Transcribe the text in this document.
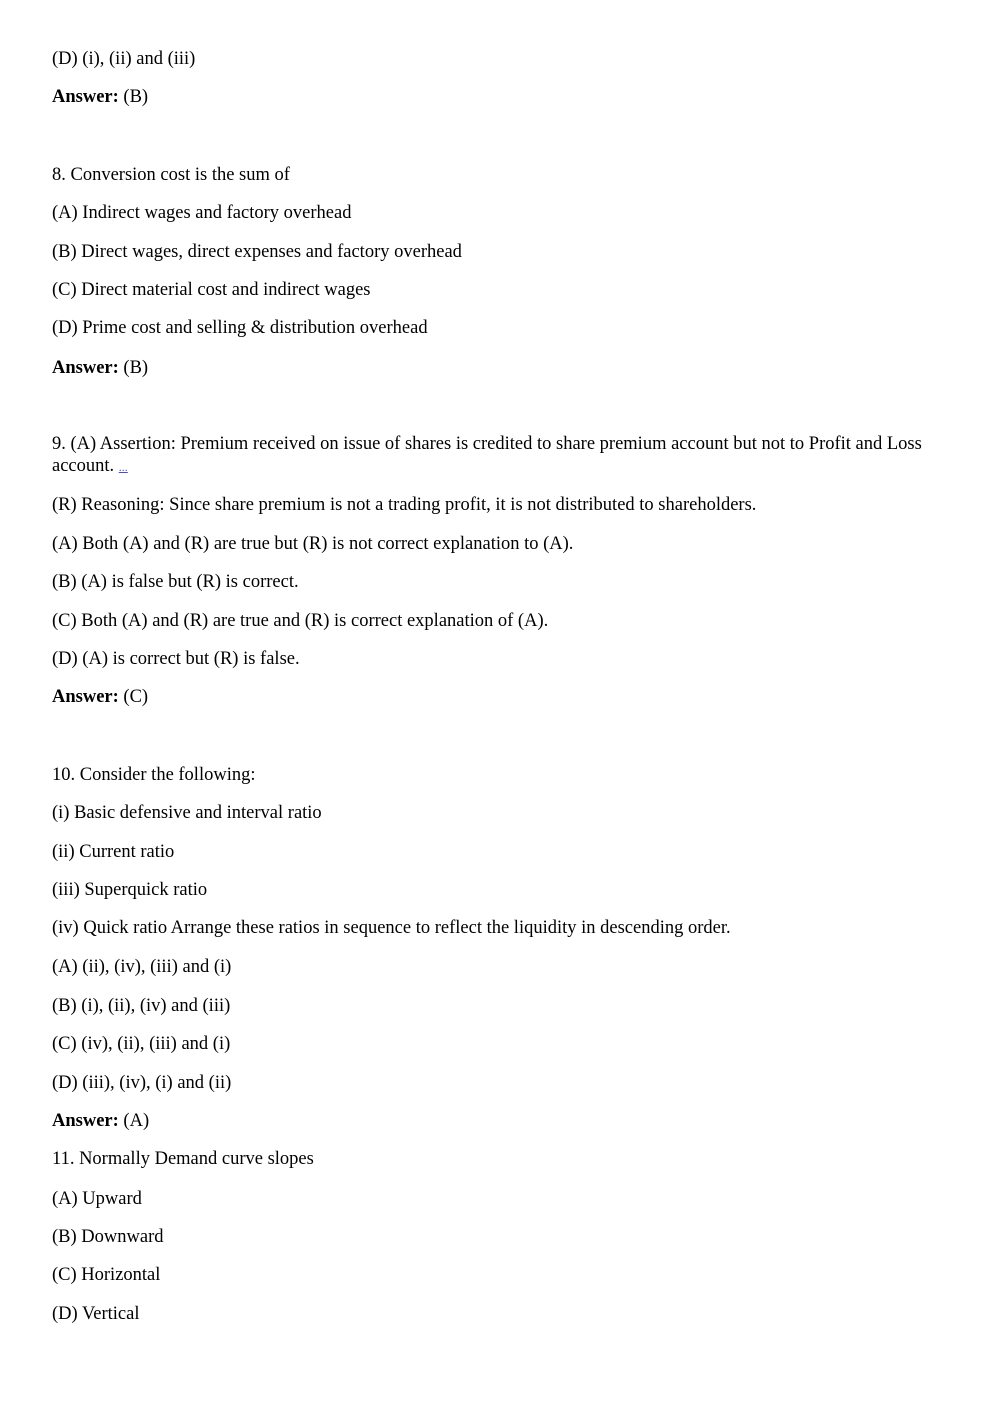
(D) (i), (ii) and (iii)
Answer: (B)
8. Conversion cost is the sum of
(A) Indirect wages and factory overhead
(B) Direct wages, direct expenses and factory overhead
(C) Direct material cost and indirect wages
(D) Prime cost and selling & distribution overhead
Answer: (B)
9. (A) Assertion: Premium received on issue of shares is credited to share premium account but not to Profit and Loss account. ...
(R) Reasoning: Since share premium is not a trading profit, it is not distributed to shareholders.
(A) Both (A) and (R) are true but (R) is not correct explanation to (A).
(B) (A) is false but (R) is correct.
(C) Both (A) and (R) are true and (R) is correct explanation of (A).
(D) (A) is correct but (R) is false.
Answer: (C)
10. Consider the following:
(i) Basic defensive and interval ratio
(ii) Current ratio
(iii) Superquick ratio
(iv) Quick ratio Arrange these ratios in sequence to reflect the liquidity in descending order.
(A) (ii), (iv), (iii) and (i)
(B) (i), (ii), (iv) and (iii)
(C) (iv), (ii), (iii) and (i)
(D) (iii), (iv), (i) and (ii)
Answer: (A)
11. Normally Demand curve slopes
(A) Upward
(B) Downward
(C) Horizontal
(D) Vertical
